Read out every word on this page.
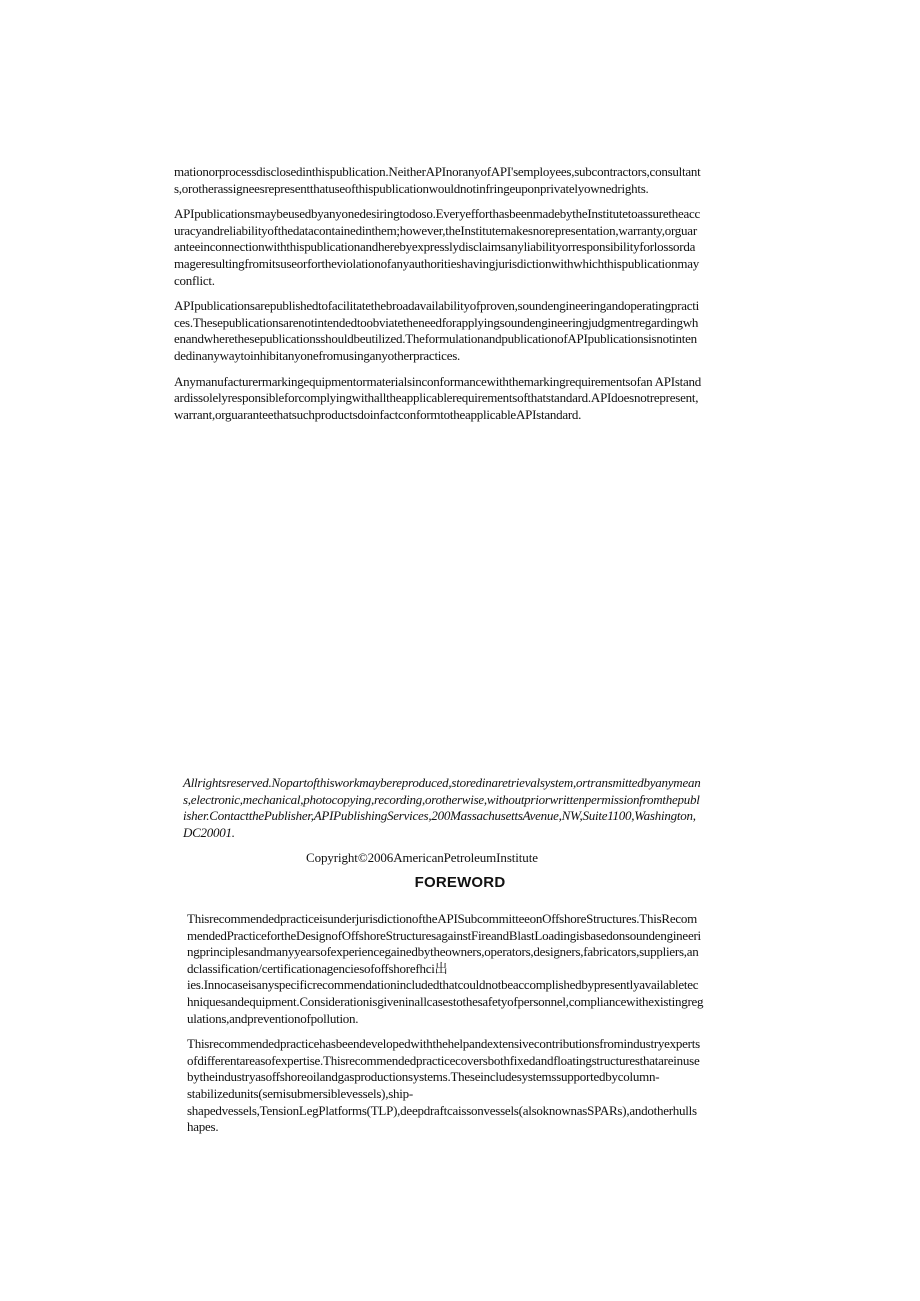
mationorprocessdisclosedinthispublication.NeitherAPInoranyofAPI'semployees,subcontractors,consultant

s,orotherassigneesrepresentthatuseofthispublicationwouldnotinfringeuponprivatelyownedrights.

APIpublicationsmaybeusedbyanyonedesiringtodoso.EveryefforthasbeenmadebytheInstitutetoassuretheacc

uracyandreliabilityofthedatacontainedinthem;however,theInstitutemakesnorepresentation,warranty,orguar

anteeinconnectionwiththispublicationandherebyexpresslydisclaimsanyliabilityorresponsibilityforlossorda

mageresultingfromitsuseorfortheviolationofanyauthoritieshavingjurisdictionwithwhichthispublicationmay

conflict.

APIpublicationsarepublishedtofacilitatethebroadavailabilityofproven,soundengineeringandoperatingpracti

ces.Thesepublicationsarenotintendedtoobviatetheneedforapplyingsoundengineeringjudgmentregardingwh

enandwherethesepublicationsshouldbeutilized.TheformulationandpublicationofAPIpublicationsisnotinten

dedinanywaytoinhibitanyonefromusinganyotherpractices.

Anymanufacturermarkingequipmentormaterialsinconformancewiththemarkingrequirementsofan APIstand

ardissolelyresponsibleforcomplyingwithalltheapplicablerequirementsofthatstandard.APIdoesnotrepresent,

warrant,orguaranteethatsuchproductsdoinfactconformtotheapplicableAPIstandard.

Allrightsreserved.Nopartofthisworkmaybereproduced,storedinaretrievalsystem,ortransmittedbyanymean

s,electronic,mechanical,photocopying,recording,orotherwise,withoutpriorwrittenpermissionfromthepubl

isher.ContactthePublisher,APIPublishingServices,200MassachusettsAvenue,NW,Suite1100,Washington,

DC20001.

Copyright©2006AmericanPetroleumInstitute
FOREWORD

ThisrecommendedpracticeisunderjurisdictionoftheAPISubcommitteeonOffshoreStructures.ThisRecom

mendedPracticefortheDesignofOffshoreStructuresagainstFireandBlastLoadingisbasedonsoundengineeri

ngprinciplesandmanyyearsofexperiencegainedbytheowners,operators,designers,fabricators,suppliers,an

dclassification/certificationagenciesofoffshorefhci出

ies.Innocaseisanyspecificrecommendationincludedthatcouldnotbeaccomplishedbypresentlyavailabletec

hniquesandequipment.Considerationisgiveninallcasestothesafetyofpersonnel,compliancewithexistingreg

ulations,andpreventionofpollution.

Thisrecommendedpracticehasbeendevelopedwiththehelpandextensivecontributionsfromindustryexperts

ofdifferentareasofexpertise.Thisrecommendedpracticecoversbothfixedandfloatingstructuresthatareinuse

bytheindustryasoffshoreoilandgasproductionsystems.Theseincludesystemssupportedbycolumn-

stabilizedunits(semisubmersiblevessels),ship-

shapedvessels,TensionLegPlatforms(TLP),deepdraftcaissonvessels(alsoknownasSPARs),andotherhulls

hapes.
